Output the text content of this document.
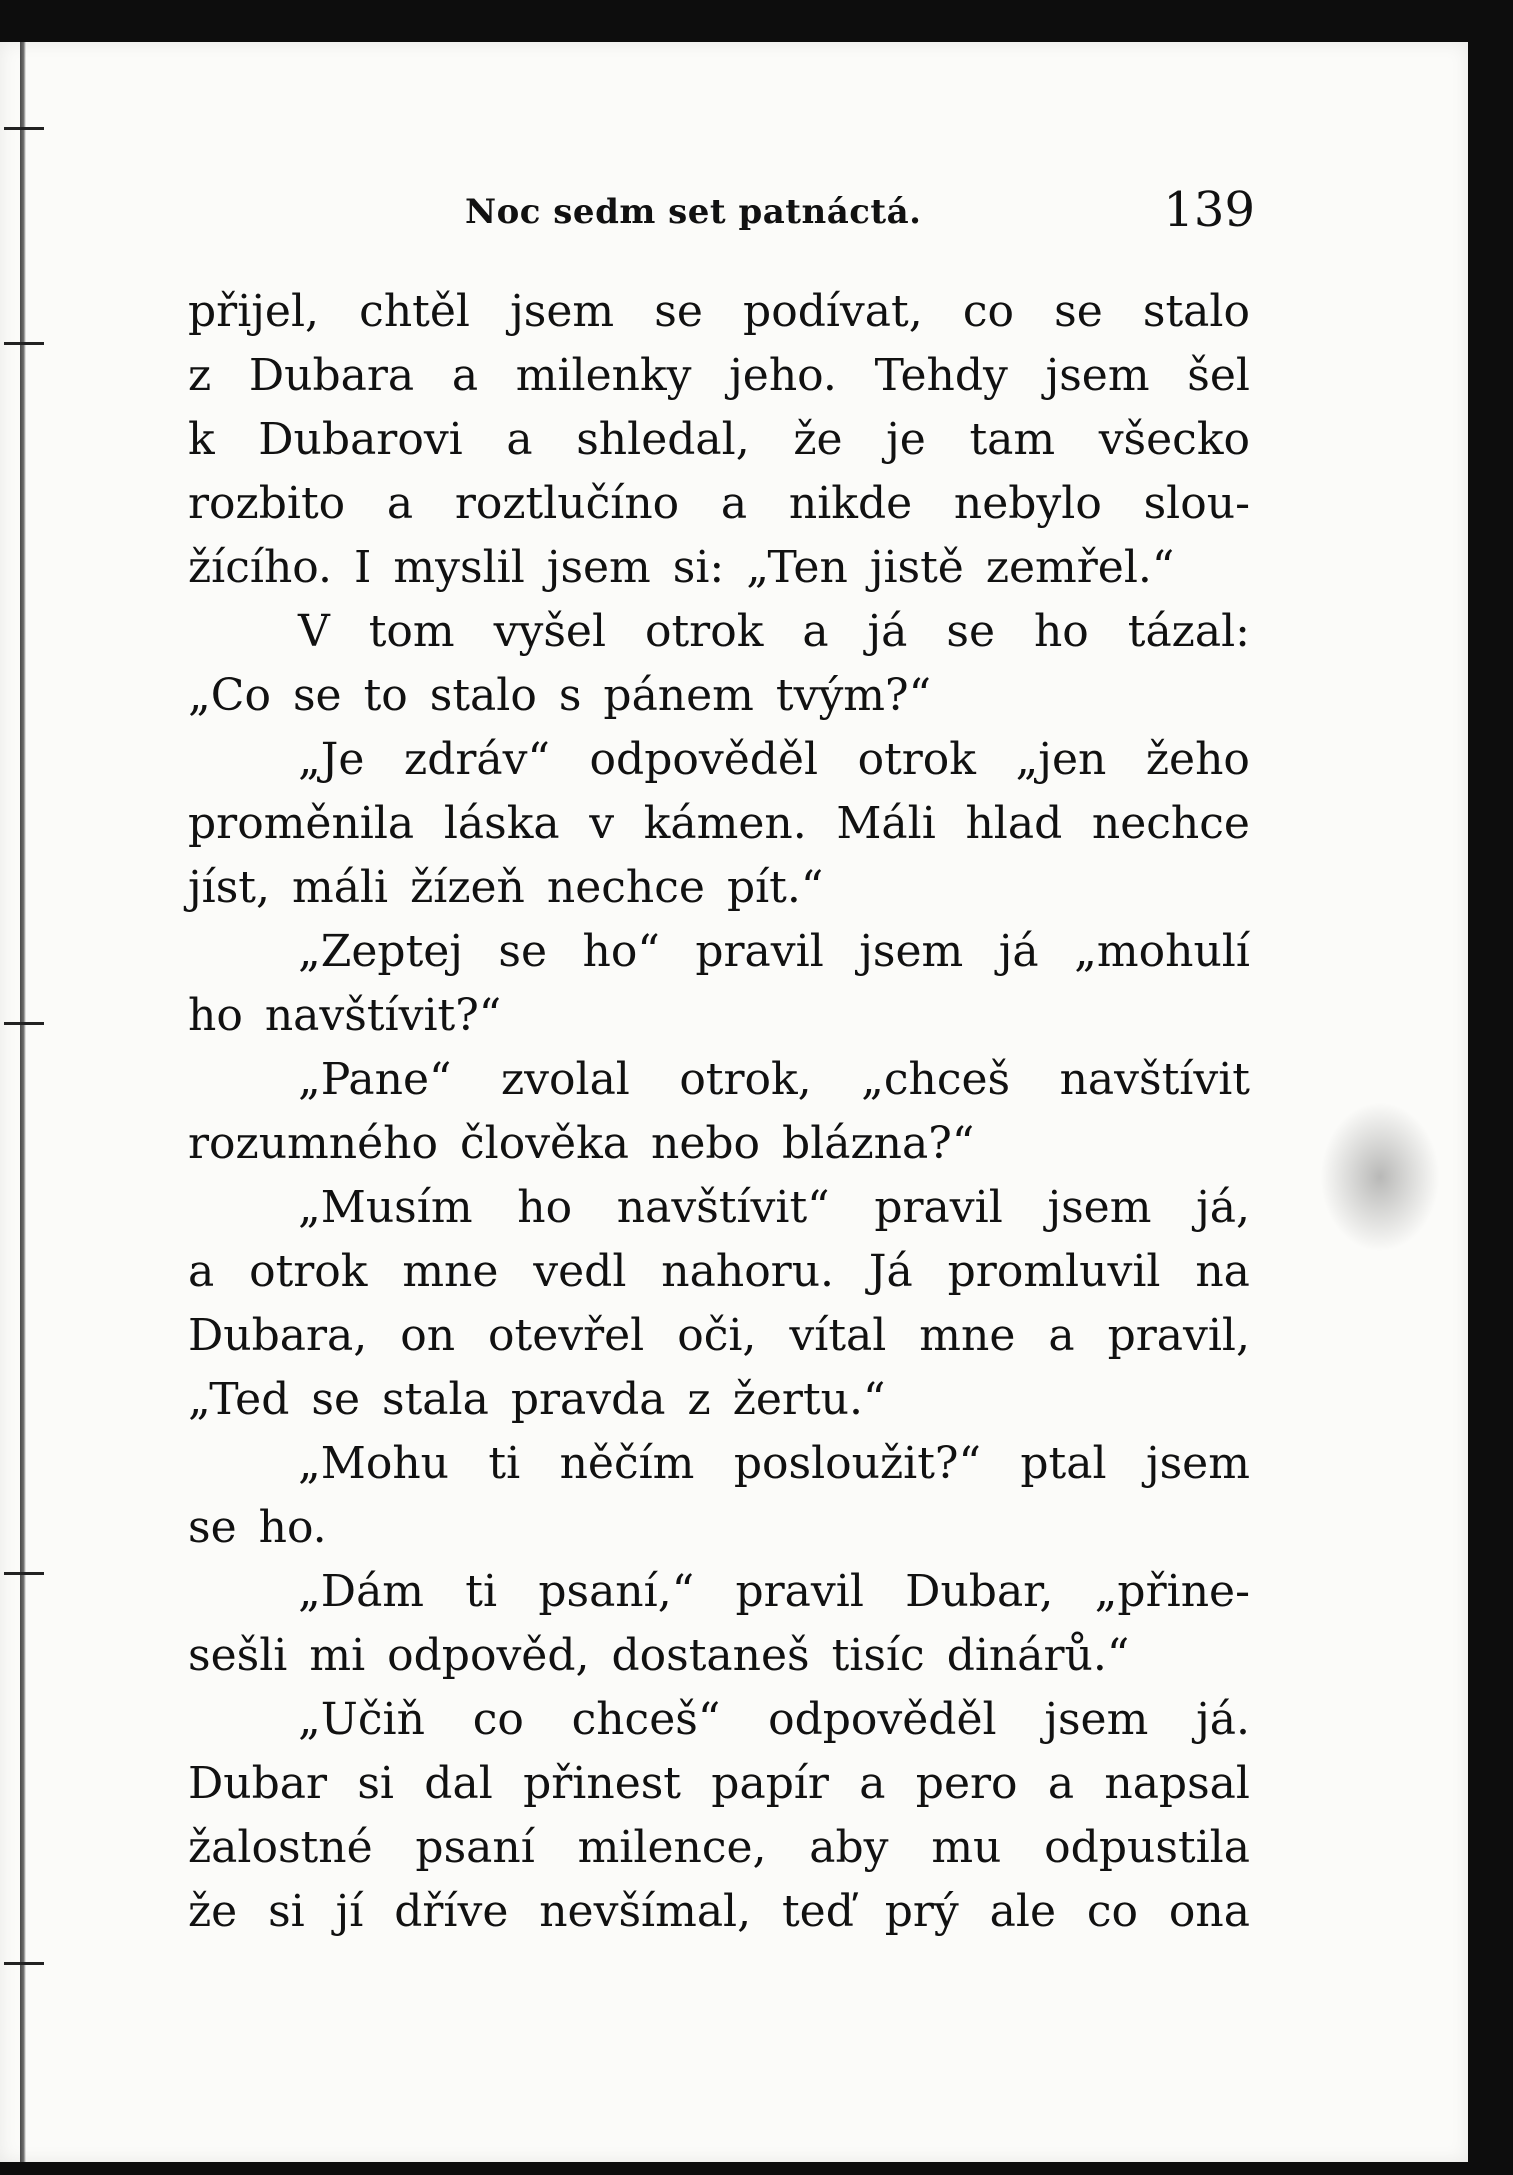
Noc sedm set patnáctá.	139
přijel, chtěl jsem se podívat, co se stalo
z Dubara a milenky jeho. Tehdy jsem šel
k Dubarovi a shledal, že je tam všecko
rozbito a roztlučíno a nikde nebylo slou-
žícího. I myslil jsem si: „Ten jistě zemřel.“
V tom vyšel otrok a já se ho tázal:
„Co se to stalo s pánem tvým?“
„Je zdráv“ odpověděl otrok „jen žeho
proměnila láska v kámen. Máli hlad nechce
jíst, máli žízeň nechce pít.“
„Zeptej se ho“ pravil jsem já „mohulí
ho navštívit?“
„Pane“ zvolal otrok, „chceš navštívit
rozumného člověka nebo blázna?“
„Musím ho navštívit“ pravil jsem já,
a otrok mne vedl nahoru. Já promluvil na
Dubara, on otevřel oči, vítal mne a pravil,
„Ted se stala pravda z žertu.“
„Mohu ti něčím posloužit?“ ptal jsem
se ho.
„Dám ti psaní,“ pravil Dubar, „přine-
sešli mi odpověd, dostaneš tisíc dinárů.“
„Učiň co chceš“ odpověděl jsem já.
Dubar si dal přinest papír a pero a napsal
žalostné psaní milence, aby mu odpustila
že si jí dříve nevšímal, teď prý ale co ona
